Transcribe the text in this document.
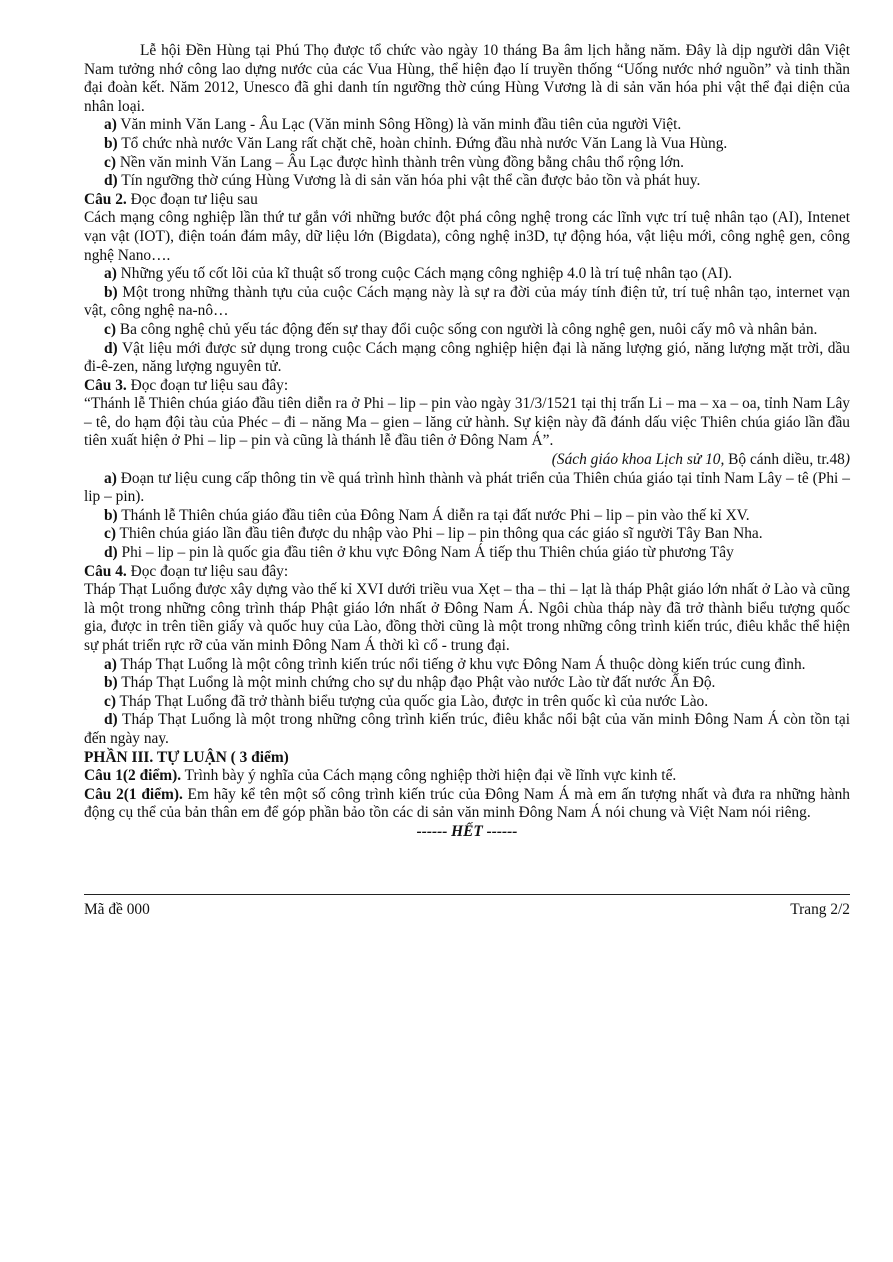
Lễ hội Đền Hùng tại Phú Thọ được tổ chức vào ngày 10 tháng Ba âm lịch hằng năm. Đây là dịp người dân Việt Nam tưởng nhớ công lao dựng nước của các Vua Hùng, thể hiện đạo lí truyền thống “Uống nước nhớ nguồn” và tinh thần đại đoàn kết. Năm 2012, Unesco đã ghi danh tín ngưỡng thờ cúng Hùng Vương là di sản văn hóa phi vật thể đại diện của nhân loại.

a) Văn minh Văn Lang - Âu Lạc (Văn minh Sông Hồng) là văn minh đầu tiên của người Việt.

b) Tổ chức nhà nước Văn Lang rất chặt chẽ, hoàn chỉnh. Đứng đầu nhà nước Văn Lang là Vua Hùng.

c) Nền văn minh Văn Lang – Âu Lạc được hình thành trên vùng đồng bằng châu thổ rộng lớn.

d) Tín ngưỡng thờ cúng Hùng Vương là di sản văn hóa phi vật thể cần được bảo tồn và phát huy.

Câu 2. Đọc đoạn tư liệu sau

Cách mạng công nghiệp lần thứ tư gắn với những bước đột phá công nghệ trong các lĩnh vực trí tuệ nhân tạo (AI), Intenet vạn vật (IOT), điện toán đám mây, dữ liệu lớn (Bigdata), công nghệ in3D, tự động hóa, vật liệu mới, công nghệ gen, công nghệ Nano….

a) Những yếu tố cốt lõi của kĩ thuật số trong cuộc Cách mạng công nghiệp 4.0 là trí tuệ nhân tạo (AI).

b) Một trong những thành tựu của cuộc Cách mạng này là sự ra đời của máy tính điện tử, trí tuệ nhân tạo, internet vạn vật, công nghệ na-nô…

c) Ba công nghệ chủ yếu tác động đến sự thay đổi cuộc sống con người là công nghệ gen, nuôi cấy mô và nhân bản.

d) Vật liệu mới được sử dụng trong cuộc Cách mạng công nghiệp hiện đại là năng lượng gió, năng lượng mặt trời, dầu đi-ê-zen, năng lượng nguyên tử.

Câu 3. Đọc đoạn tư liệu sau đây:

“Thánh lễ Thiên chúa giáo đầu tiên diễn ra ở Phi – lip – pin vào ngày 31/3/1521 tại thị trấn Li – ma – xa – oa, tỉnh Nam Lây – tê, do hạm đội tàu của Phéc – đi – năng Ma – gien – lăng cử hành. Sự kiện này đã đánh dấu việc Thiên chúa giáo lần đầu tiên xuất hiện ở Phi – lip – pin và cũng là thánh lễ đầu tiên ở Đông Nam Á”.

(Sách giáo khoa Lịch sử 10, Bộ cánh diều, tr.48)

a) Đoạn tư liệu cung cấp thông tin về quá trình hình thành và phát triển của Thiên chúa giáo tại tỉnh Nam Lây – tê (Phi – lip – pin).

b) Thánh lễ Thiên chúa giáo đầu tiên của Đông Nam Á diễn ra tại đất nước Phi – lip – pin vào thế kỉ XV.

c) Thiên chúa giáo lần đầu tiên được du nhập vào Phi – lip – pin thông qua các giáo sĩ người Tây Ban Nha.

d) Phi – lip – pin là quốc gia đầu tiên ở khu vực Đông Nam Á tiếp thu Thiên chúa giáo từ phương Tây

Câu 4. Đọc đoạn tư liệu sau đây:

Tháp Thạt Luổng được xây dựng vào thế kỉ XVI dưới triều vua Xẹt – tha – thi – lạt là tháp Phật giáo lớn nhất ở Lào và cũng là một trong những công trình tháp Phật giáo lớn nhất ở Đông Nam Á. Ngôi chùa tháp này đã trở thành biểu tượng quốc gia, được in trên tiền giấy và quốc huy của Lào, đồng thời cũng là một trong những công trình kiến trúc, điêu khắc thể hiện sự phát triển rực rỡ của văn minh Đông Nam Á thời kì cổ - trung đại.

a) Tháp Thạt Luổng là một công trình kiến trúc nổi tiếng ở khu vực Đông Nam Á thuộc dòng kiến trúc cung đình.

b) Tháp Thạt Luổng là một minh chứng cho sự du nhập đạo Phật vào nước Lào từ đất nước Ấn Độ.

c) Tháp Thạt Luổng đã trở thành biểu tượng của quốc gia Lào, được in trên quốc kì của nước Lào.

d) Tháp Thạt Luổng là một trong những công trình kiến trúc, điêu khắc nổi bật của văn minh Đông Nam Á còn tồn tại đến ngày nay.

PHẦN III. TỰ LUẬN ( 3 điểm)

Câu 1(2 điểm). Trình bày ý nghĩa của Cách mạng công nghiệp thời hiện đại về lĩnh vực kinh tế.

Câu 2(1 điểm). Em hãy kể tên một số công trình kiến trúc của Đông Nam Á mà em ấn tượng nhất và đưa ra những hành động cụ thể của bản thân em để góp phần bảo tồn các di sản văn minh Đông Nam Á nói chung và Việt Nam nói riêng.

------ HẾT ------

Mã đề 000	Trang 2/2
